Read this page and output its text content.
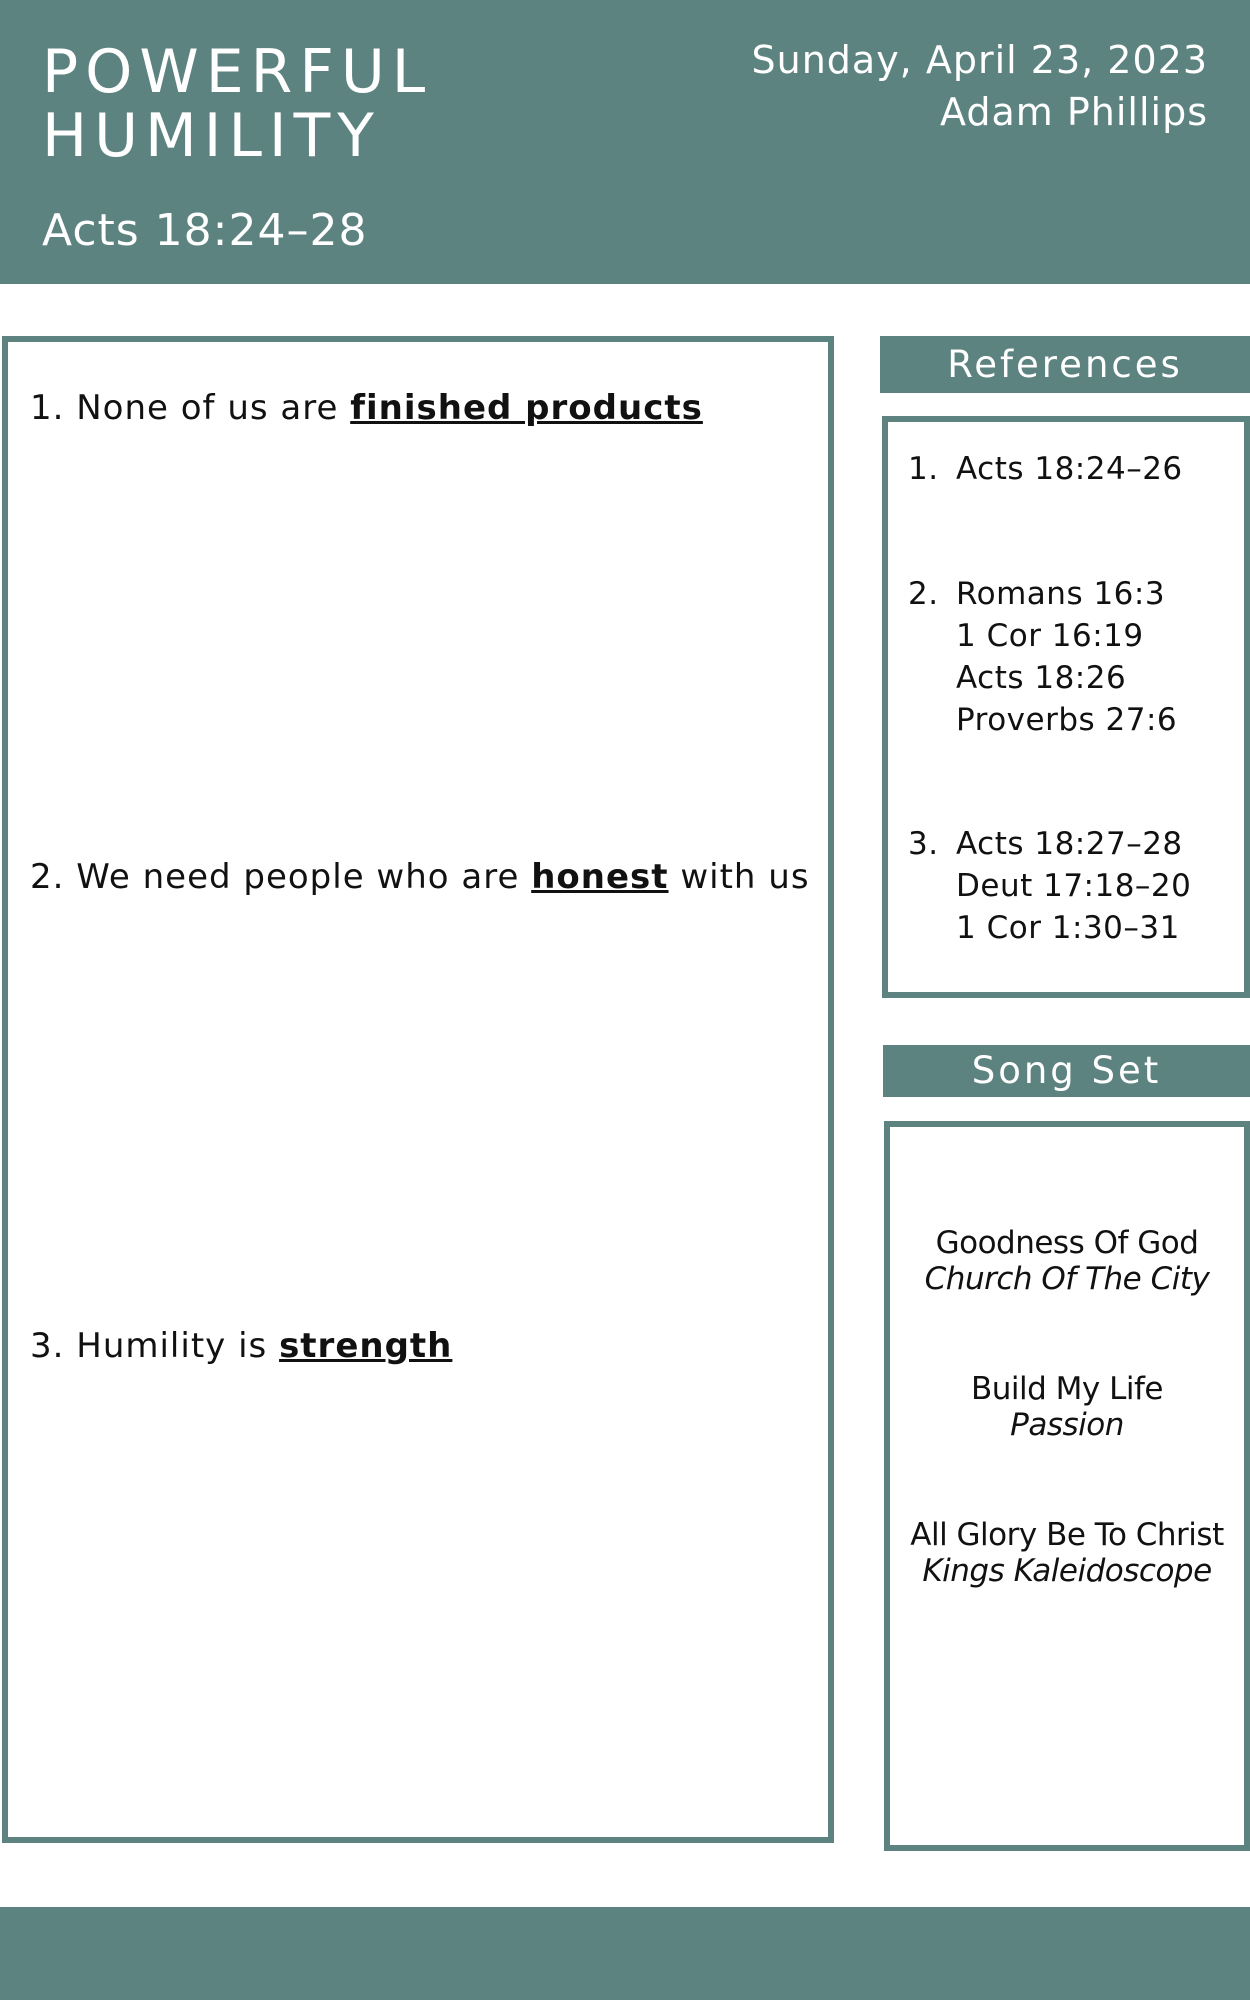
POWERFUL
HUMILITY
Acts 18:24–28
Sunday, April 23, 2023
Adam Phillips
1. None of us are finished products
2. We need people who are honest with us
3. Humility is strength
References
1. Acts 18:24–26
2. Romans 16:3
1 Cor 16:19
Acts 18:26
Proverbs 27:6
3. Acts 18:27–28
Deut 17:18–20
1 Cor 1:30–31
Song Set
Goodness Of God
Church Of The City
Build My Life
Passion
All Glory Be To Christ
Kings Kaleidoscope
